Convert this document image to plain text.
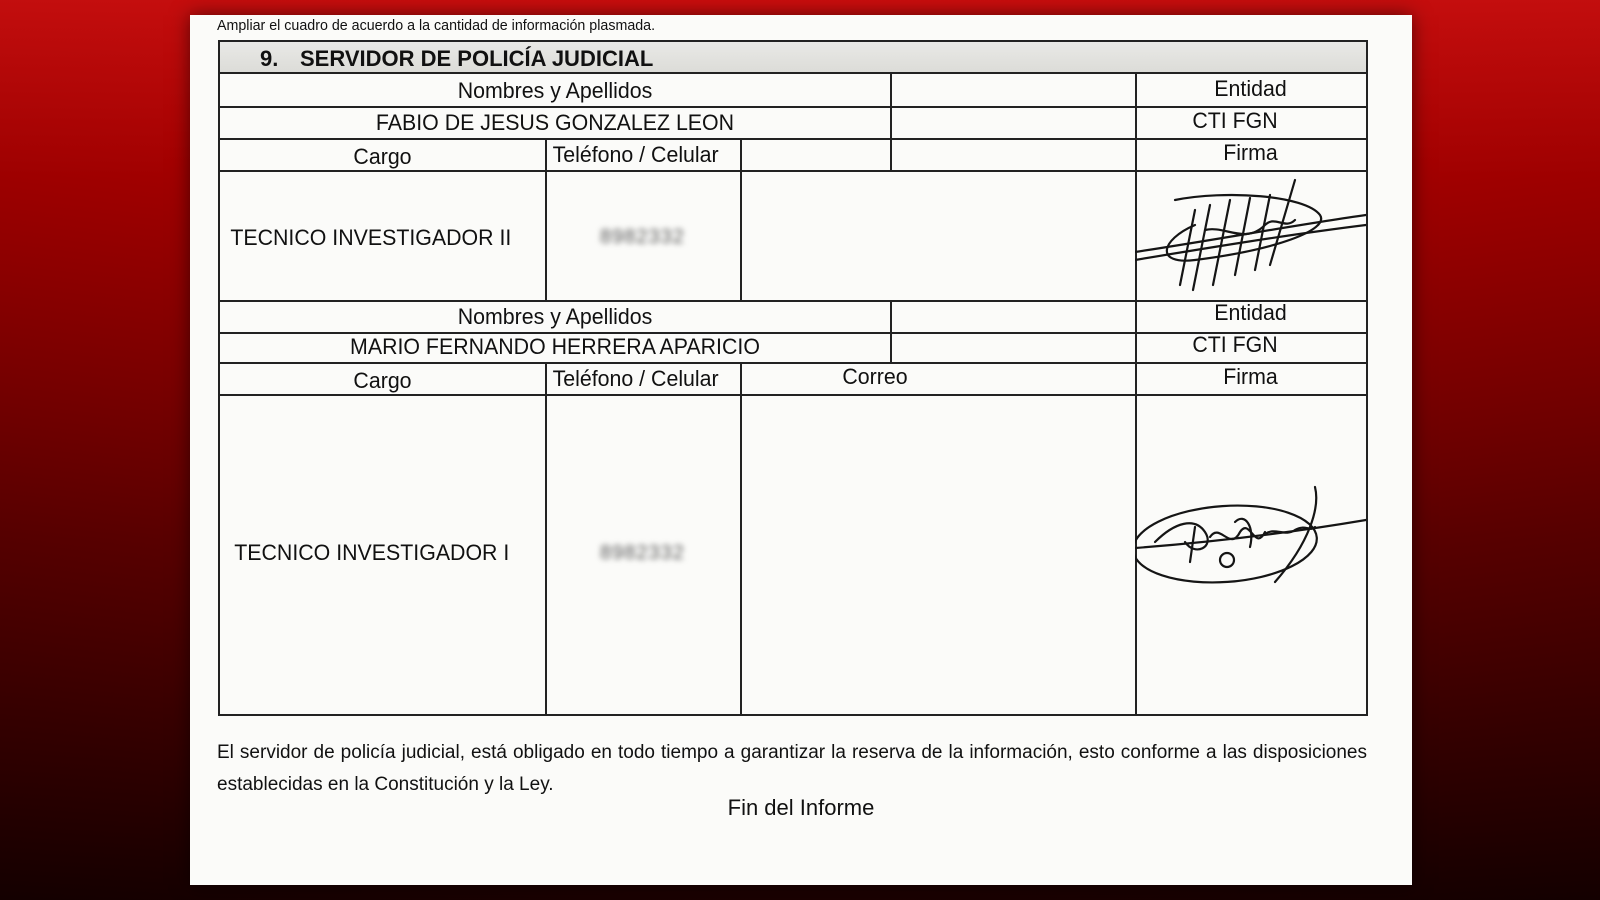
Ampliar el cuadro de acuerdo a la cantidad de información plasmada.
9. SERVIDOR DE POLICÍA JUDICIAL
Nombres y Apellidos	Entidad
FABIO DE JESUS GONZALEZ LEON	CTI FGN
Cargo	Teléfono / Celular	Firma
TECNICO INVESTIGADOR II	8982332
Nombres y Apellidos	Entidad
MARIO FERNANDO HERRERA APARICIO	CTI FGN
Cargo	Teléfono / Celular	Correo	Firma
TECNICO INVESTIGADOR I	8982332
El servidor de policía judicial, está obligado en todo tiempo a garantizar la reserva de la información, esto conforme a las disposiciones establecidas en la Constitución y la Ley.
Fin del Informe
